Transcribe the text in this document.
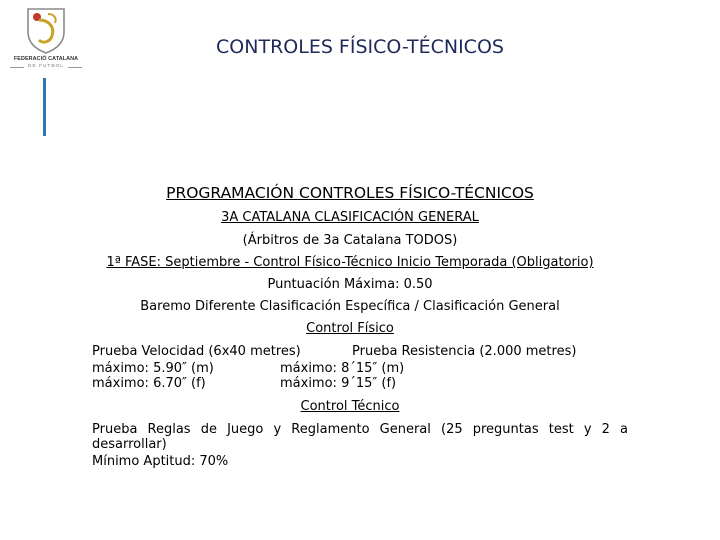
FEDERACIÓ CATALANA
DE FUTBOL
CONTROLES FÍSICO-TÉCNICOS
PROGRAMACIÓN CONTROLES FÍSICO-TÉCNICOS
3A CATALANA CLASIFICACIÓN GENERAL
(Árbitros de 3a Catalana TODOS)
1ª FASE: Septiembre - Control Físico-Técnico Inicio Temporada (Obligatorio)
Puntuación Máxima: 0.50
Baremo Diferente Clasificación Específica / Clasificación General
Control Físico
Prueba Velocidad (6x40 metres)	Prueba Resistencia (2.000 metres)
máximo: 5.90″ (m)	máximo: 8´15″ (m)
máximo: 6.70″ (f)	máximo: 9´15″ (f)
Control Técnico
Prueba Reglas de Juego y Reglamento General (25 preguntas test y 2 a
desarrollar)
Mínimo Aptitud: 70%
